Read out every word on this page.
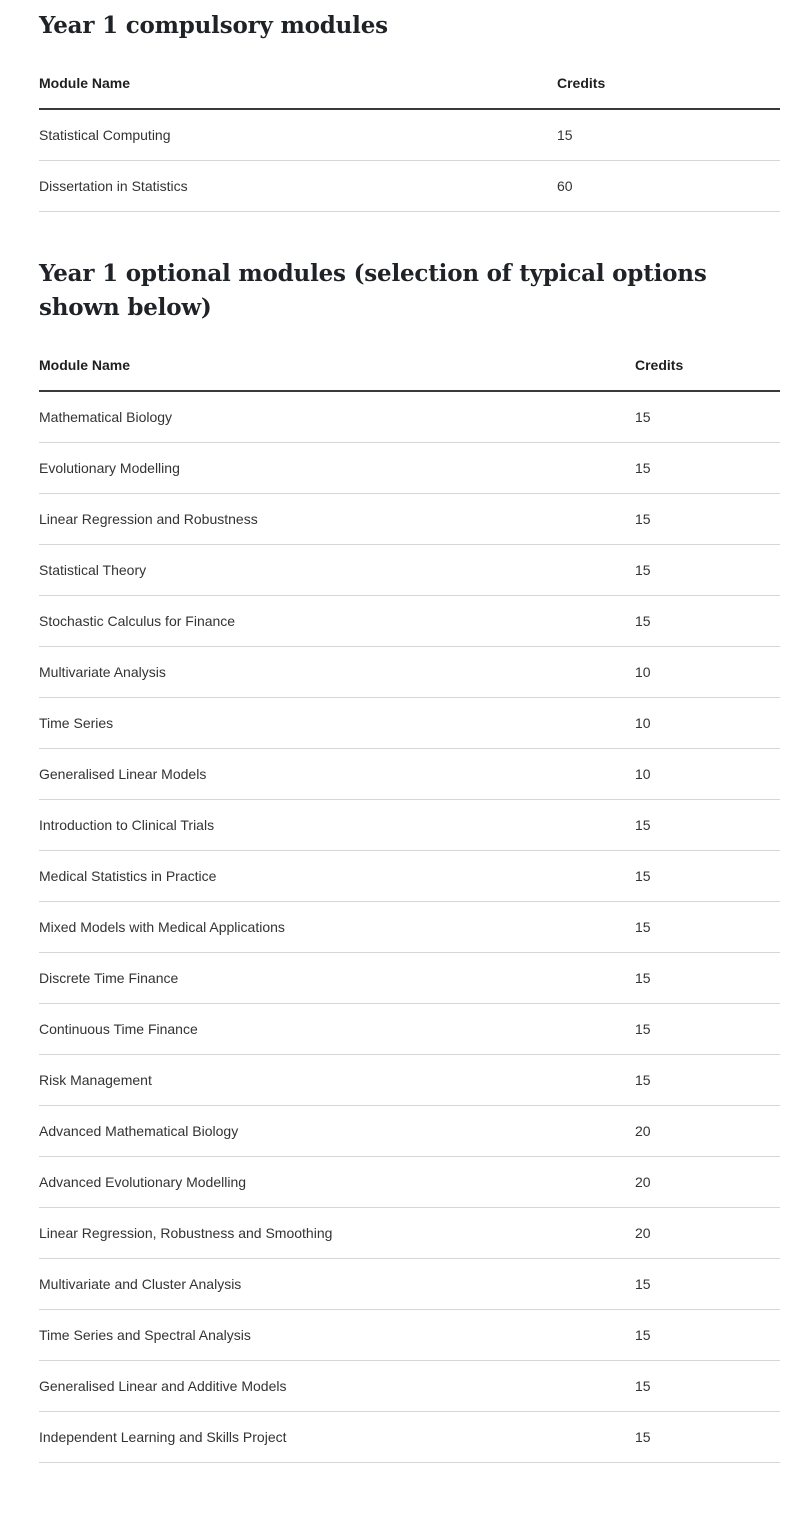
Year 1 compulsory modules
Module Name	Credits
Statistical Computing	15
Dissertation in Statistics	60
Year 1 optional modules (selection of typical options shown below)
Module Name	Credits
Mathematical Biology	15
Evolutionary Modelling	15
Linear Regression and Robustness	15
Statistical Theory	15
Stochastic Calculus for Finance	15
Multivariate Analysis	10
Time Series	10
Generalised Linear Models	10
Introduction to Clinical Trials	15
Medical Statistics in Practice	15
Mixed Models with Medical Applications	15
Discrete Time Finance	15
Continuous Time Finance	15
Risk Management	15
Advanced Mathematical Biology	20
Advanced Evolutionary Modelling	20
Linear Regression, Robustness and Smoothing	20
Multivariate and Cluster Analysis	15
Time Series and Spectral Analysis	15
Generalised Linear and Additive Models	15
Independent Learning and Skills Project	15
